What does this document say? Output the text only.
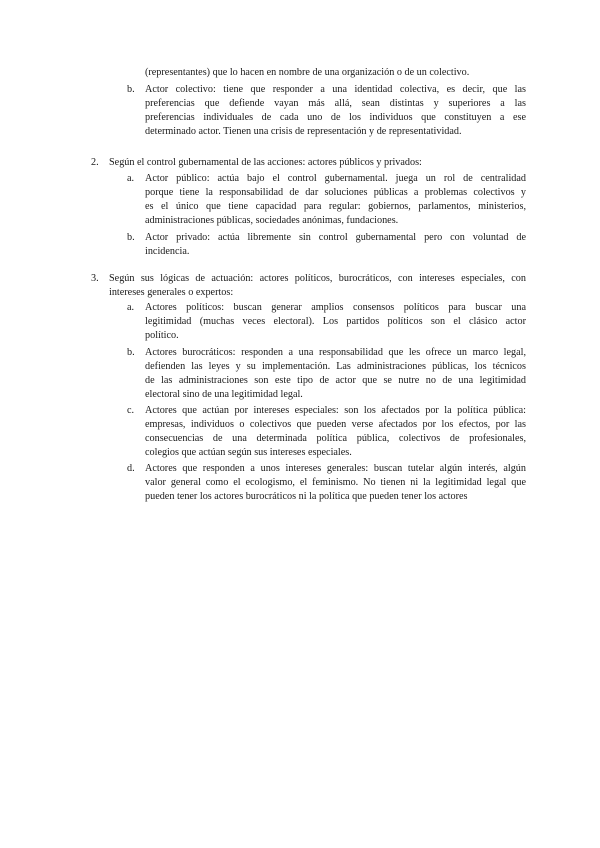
(representantes) que lo hacen en nombre de una organización o de un colectivo.
b. Actor colectivo: tiene que responder a una identidad colectiva, es decir, que las
preferencias que defiende vayan más allá, sean distintas y superiores a las
preferencias individuales de cada uno de los individuos que constituyen a ese
determinado actor. Tienen una crisis de representación y de representatividad.
2. Según el control gubernamental de las acciones: actores públicos y privados:
a. Actor público: actúa bajo el control gubernamental. juega un rol de centralidad
porque tiene la responsabilidad de dar soluciones públicas a problemas colectivos y
es el único que tiene capacidad para regular: gobiernos, parlamentos, ministerios,
administraciones públicas, sociedades anónimas, fundaciones.
b. Actor privado: actúa libremente sin control gubernamental pero con voluntad de
incidencia.
3. Según sus lógicas de actuación: actores políticos, burocráticos, con intereses especiales, con
intereses generales o expertos:
a. Actores políticos: buscan generar amplios consensos políticos para buscar una
legitimidad (muchas veces electoral). Los partidos políticos son el clásico actor
político.
b. Actores burocráticos: responden a una responsabilidad que les ofrece un marco legal,
defienden las leyes y su implementación. Las administraciones públicas, los técnicos
de las administraciones son este tipo de actor que se nutre no de una legitimidad
electoral sino de una legitimidad legal.
c. Actores que actúan por intereses especiales: son los afectados por la política pública:
empresas, individuos o colectivos que pueden verse afectados por los efectos, por las
consecuencias de una determinada política pública, colectivos de profesionales,
colegios que actúan según sus intereses especiales.
d. Actores que responden a unos intereses generales: buscan tutelar algún interés, algún
valor general como el ecologismo, el feminismo. No tienen ni la legitimidad legal que
pueden tener los actores burocráticos ni la política que pueden tener los actores
